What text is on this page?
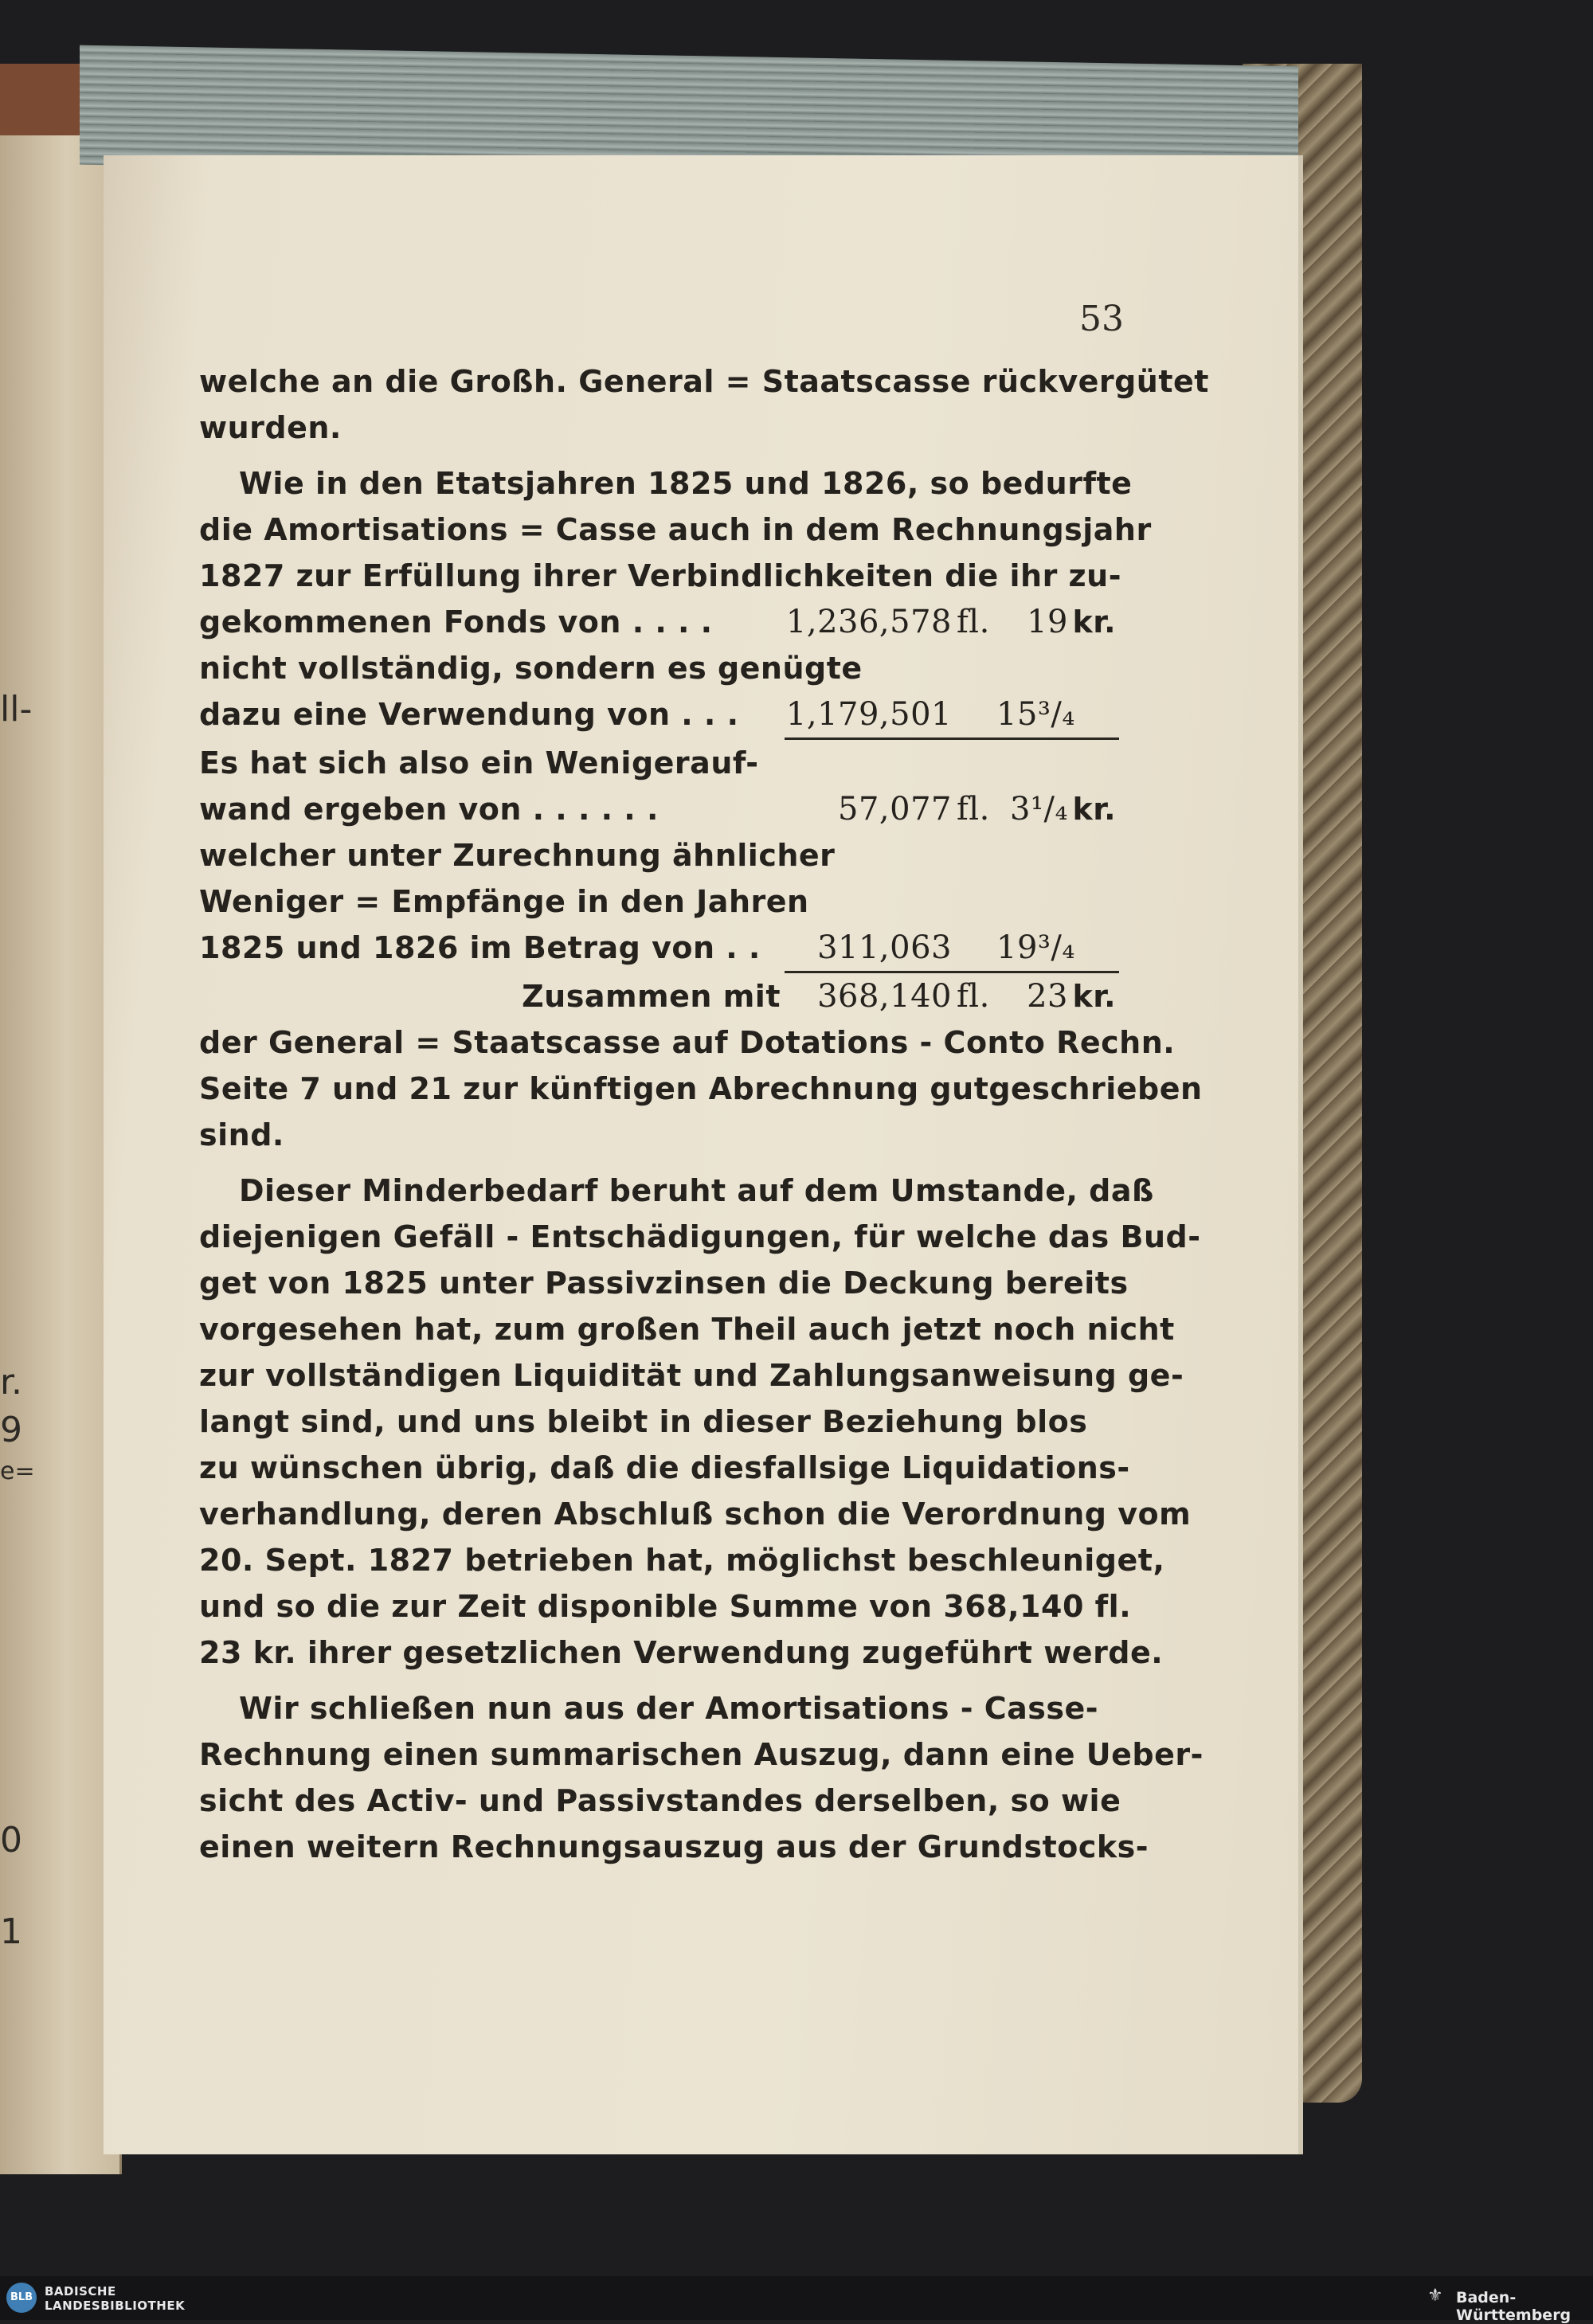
ll-
r.
9
e=
0
1
53
welche an die Großh. General = Staatscasse rückvergütet
wurden.
Wie in den Etatsjahren 1825 und 1826, so bedurfte
die Amortisations = Casse auch in dem Rechnungsjahr
1827 zur Erfüllung ihrer Verbindlichkeiten die ihr zu-
gekommenen Fonds von . . . .	1,236,578 fl.	19 kr.
nicht vollständig, sondern es genügte
dazu eine Verwendung von . . .	1,179,501 15³/₄
Es hat sich also ein Wenigerauf-
wand ergeben von . . . . . .	57,077 fl. 3¹/₄ kr.
welcher unter Zurechnung ähnlicher
Weniger = Empfänge in den Jahren
1825 und 1826 im Betrag von . .	311,063 19³/₄
Zusammen mit	368,140 fl.	23 kr.
der General = Staatscasse auf Dotations - Conto Rechn.
Seite 7 und 21 zur künftigen Abrechnung gutgeschrieben
sind.
Dieser Minderbedarf beruht auf dem Umstande, daß
diejenigen Gefäll - Entschädigungen, für welche das Bud-
get von 1825 unter Passivzinsen die Deckung bereits
vorgesehen hat, zum großen Theil auch jetzt noch nicht
zur vollständigen Liquidität und Zahlungsanweisung ge-
langt sind, und uns bleibt in dieser Beziehung blos
zu wünschen übrig, daß die diesfallsige Liquidations-
verhandlung, deren Abschluß schon die Verordnung vom
20. Sept. 1827 betrieben hat, möglichst beschleuniget,
und so die zur Zeit disponible Summe von 368,140 fl.
23 kr. ihrer gesetzlichen Verwendung zugeführt werde.
Wir schließen nun aus der Amortisations - Casse-
Rechnung einen summarischen Auszug, dann eine Ueber-
sicht des Activ- und Passivstandes derselben, so wie
einen weitern Rechnungsauszug aus der Grundstocks-
BLB BADISCHE
LANDESBIBLIOTHEK	⚜ Baden-Württemberg
